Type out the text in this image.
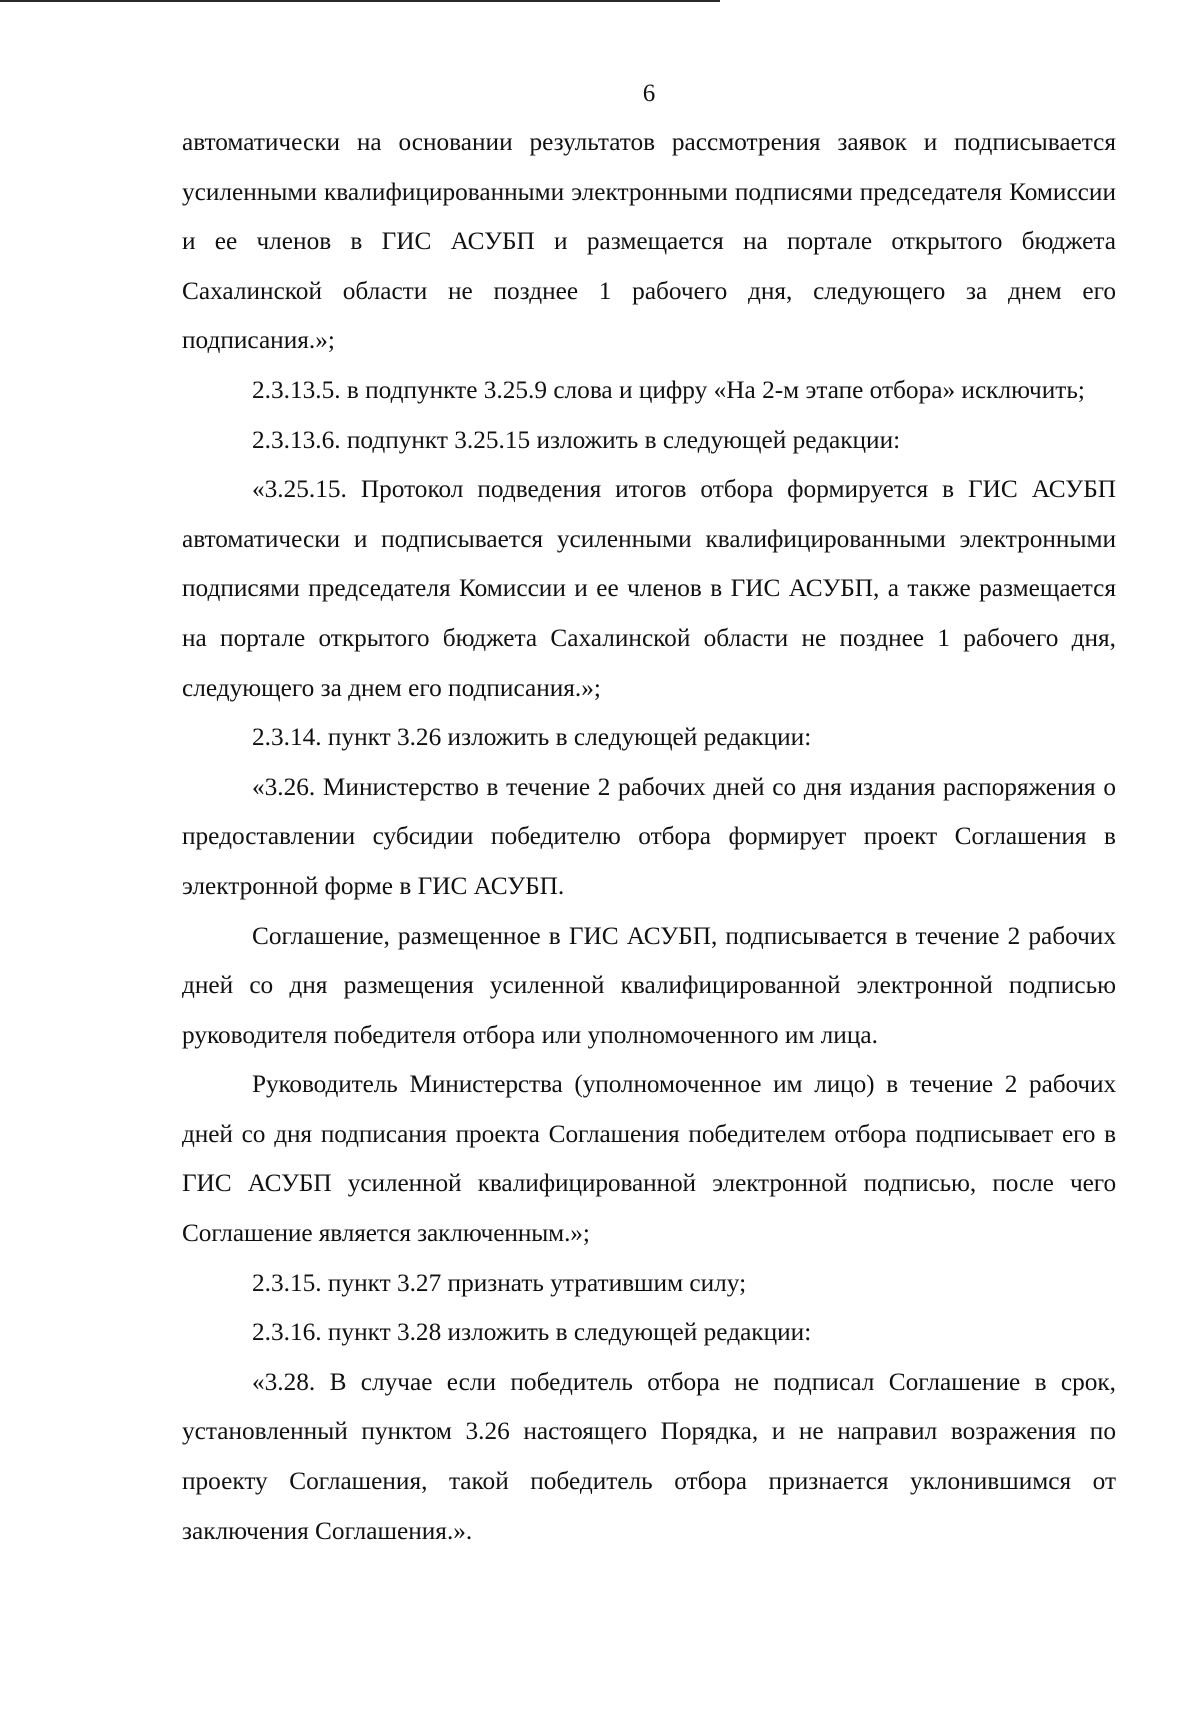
6

автоматически на основании результатов рассмотрения заявок и подписывается усиленными квалифицированными электронными подписями председателя Комиссии и ее членов в ГИС АСУБП и размещается на портале открытого бюджета Сахалинской области не позднее 1 рабочего дня, следующего за днем его подписания.»;

2.3.13.5. в подпункте 3.25.9 слова и цифру «На 2-м этапе отбора» исключить;

2.3.13.6. подпункт 3.25.15 изложить в следующей редакции:

«3.25.15. Протокол подведения итогов отбора формируется в ГИС АСУБП автоматически и подписывается усиленными квалифицированными электронными подписями председателя Комиссии и ее членов в ГИС АСУБП, а также размещается на портале открытого бюджета Сахалинской области не позднее 1 рабочего дня, следующего за днем его подписания.»;

2.3.14. пункт 3.26 изложить в следующей редакции:

«3.26. Министерство в течение 2 рабочих дней со дня издания распоряжения о предоставлении субсидии победителю отбора формирует проект Соглашения в электронной форме в ГИС АСУБП.

Соглашение, размещенное в ГИС АСУБП, подписывается в течение 2 рабочих дней со дня размещения усиленной квалифицированной электронной подписью руководителя победителя отбора или уполномоченного им лица.

Руководитель Министерства (уполномоченное им лицо) в течение 2 рабочих дней со дня подписания проекта Соглашения победителем отбора подписывает его в ГИС АСУБП усиленной квалифицированной электронной подписью, после чего Соглашение является заключенным.»;

2.3.15. пункт 3.27 признать утратившим силу;

2.3.16. пункт 3.28 изложить в следующей редакции:

«3.28. В случае если победитель отбора не подписал Соглашение в срок, установленный пунктом 3.26 настоящего Порядка, и не направил возражения по проекту Соглашения, такой победитель отбора признается уклонившимся от заключения Соглашения.».
